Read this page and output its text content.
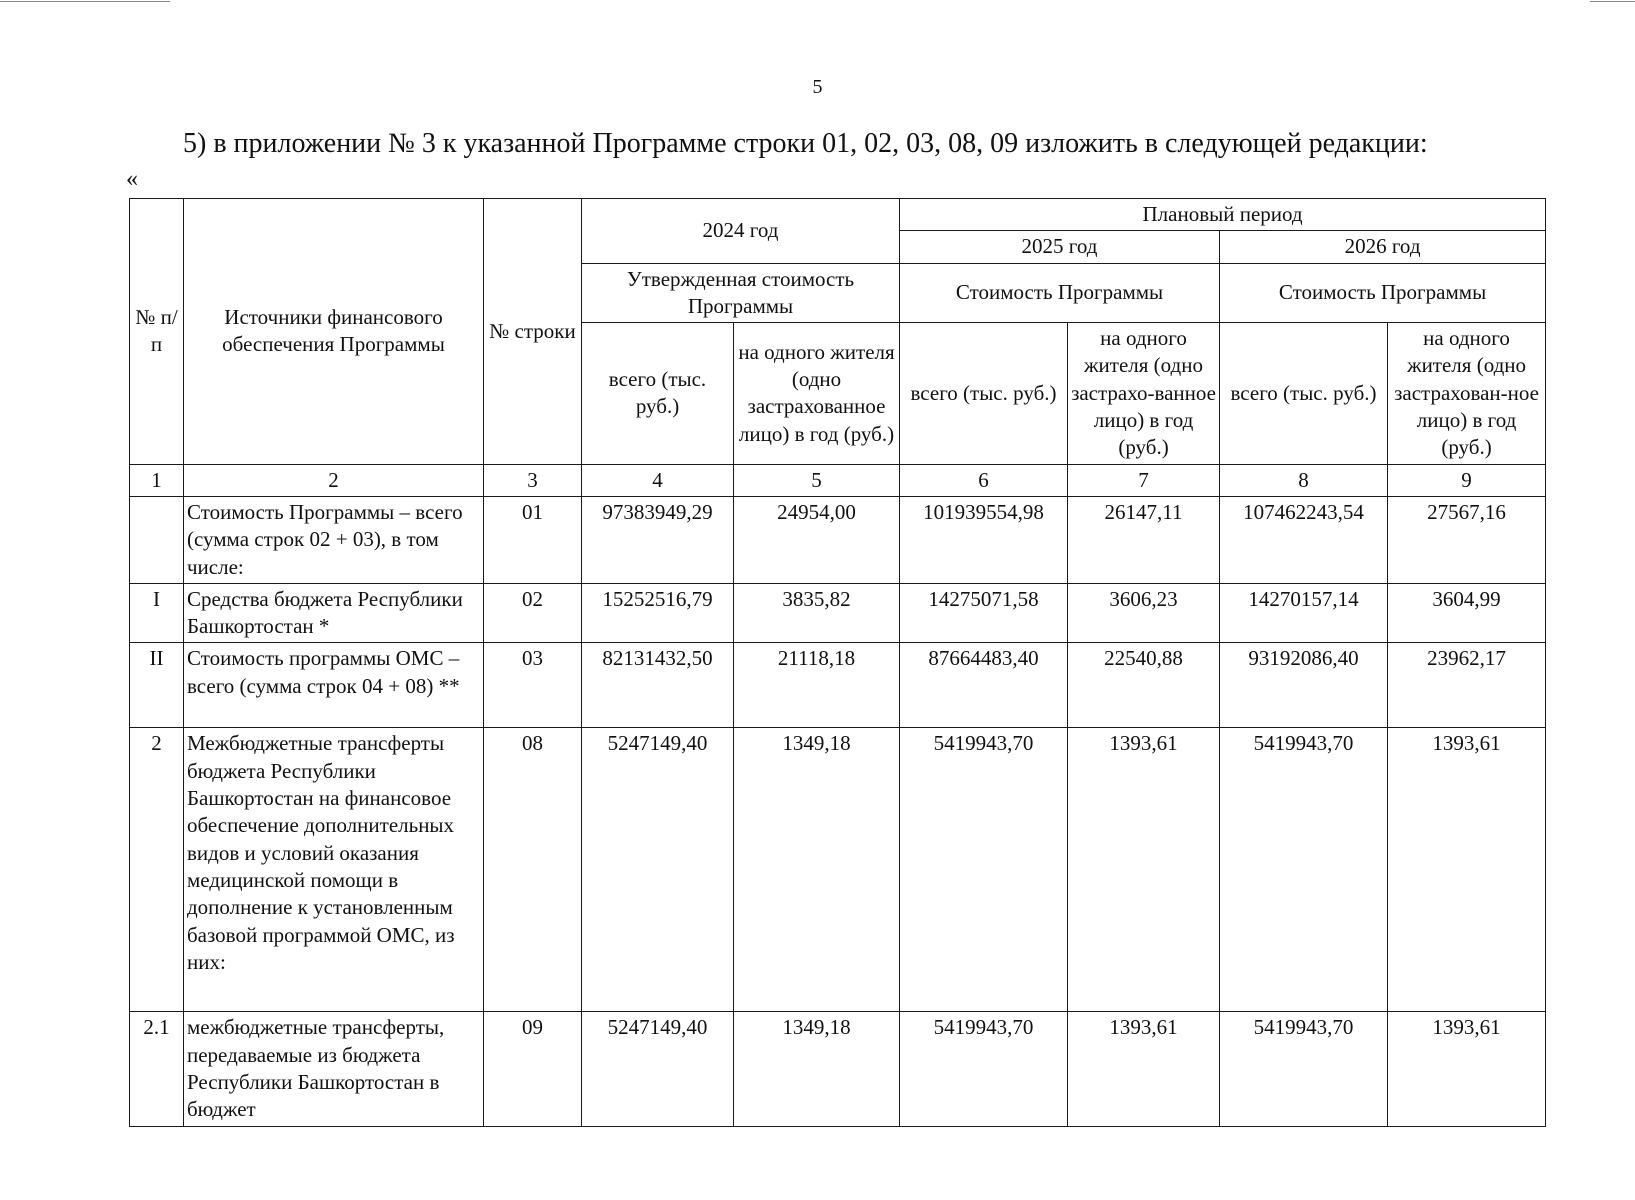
5
5) в приложении № 3 к указанной Программе строки 01, 02, 03, 08, 09 изложить в следующей редакции:
«
№ п/п	Источники финансового обеспечения Программы	№ строки	2024 год		Плановый период			
					2025 год		2026 год	
			Утвержденная стоимость Программы		Стоимость Программы		Стоимость Программы	
			всего (тыс. руб.)	на одного жителя (одно застрахованное лицо) в год (руб.)	всего (тыс. руб.)	на одного жителя (одно застрахо-ванное лицо) в год (руб.)	всего (тыс. руб.)	на одного жителя (одно застрахован-ное лицо) в год (руб.)
1	2	3	4	5	6	7	8	9
	Стоимость Программы – всего (сумма строк 02 + 03), в том числе:	01	97383949,29	24954,00	101939554,98	26147,11	107462243,54	27567,16
I	Средства бюджета Республики Башкортостан *	02	15252516,79	3835,82	14275071,58	3606,23	14270157,14	3604,99
II	Стоимость программы ОМС – всего (сумма строк 04 + 08) **	03	82131432,50	21118,18	87664483,40	22540,88	93192086,40	23962,17
2	Межбюджетные трансферты бюджета Республики Башкортостан на финансовое обеспечение дополнительных видов и условий оказания медицинской помощи в дополнение к установленным базовой программой ОМС, из них:	08	5247149,40	1349,18	5419943,70	1393,61	5419943,70	1393,61
2.1	межбюджетные трансферты, передаваемые из бюджета Республики Башкортостан в бюджет	09	5247149,40	1349,18	5419943,70	1393,61	5419943,70	1393,61
